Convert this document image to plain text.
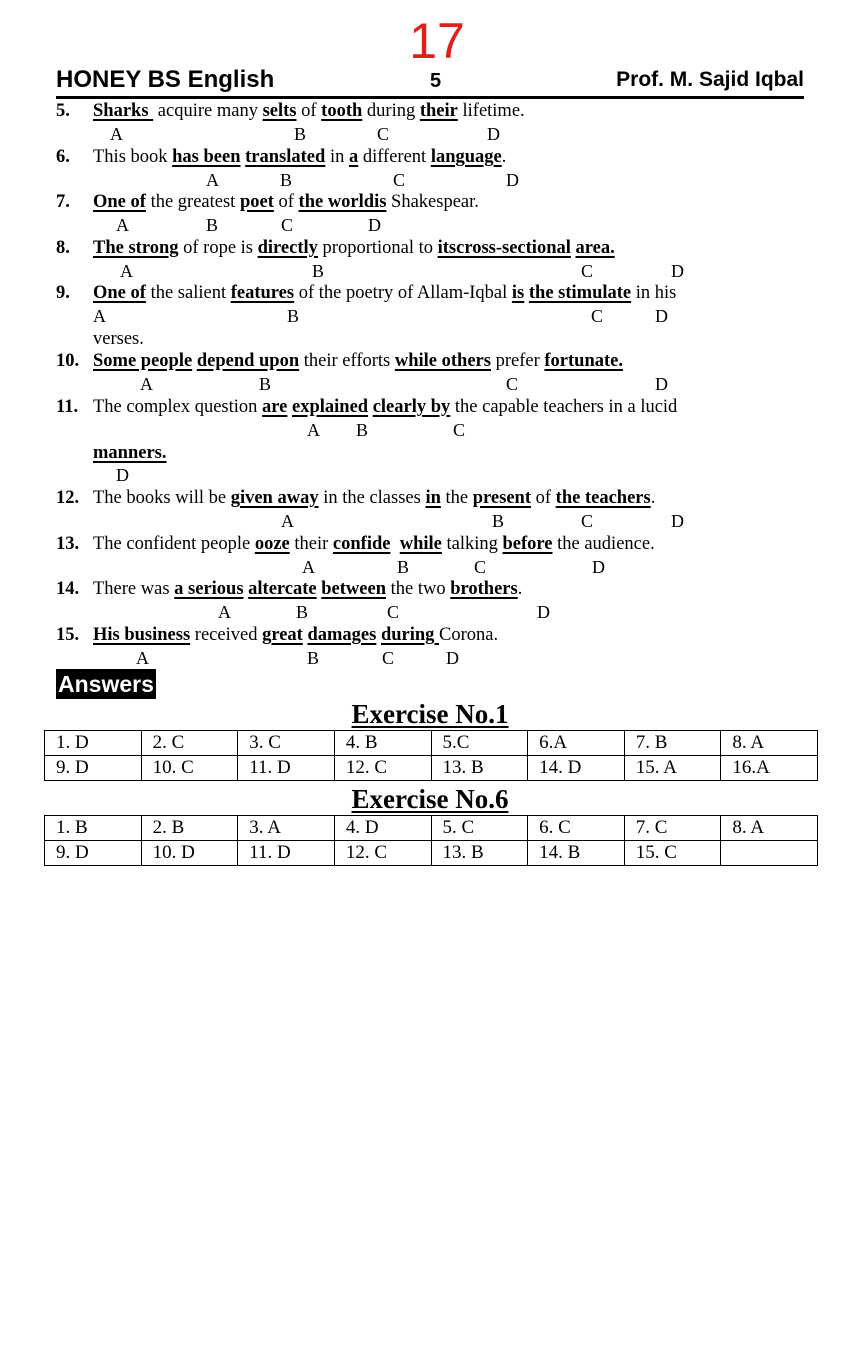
17
HONEY BS English	5	Prof. M. Sajid Iqbal
5. Sharks  acquire many selts of tooth during their lifetime.
A	B	C	D
6. This book has been translated in a different language.
A	B	C	D
7. One of the greatest poet of the worldis Shakespear.
A	B	C	D
8. The strong of rope is directly proportional to itscross-sectional area.
A	B	C	D
9. One of the salient features of the poetry of Allam-Iqbal is the stimulate in his
A	B	C	D
verses.
10. Some people depend upon their efforts while others prefer fortunate.
A	B	C	D
11. The complex question are explained clearly by the capable teachers in a lucid
A B	C
manners.
D
12. The books will be given away in the classes in the present of the teachers.
A	B	C	D
13. The confident people ooze their confide while talking before the audience.
A	B	C	D
14. There was a serious altercate between the two brothers.
A	B	C	D
15. His business received great damages during Corona.
A	B	C	D
Answers
Exercise No.1
1. D	2. C	3. C	4. B	5.C	6.A	7. B	8. A
9. D	10. C	11. D	12. C	13. B	14. D	15. A	16.A
Exercise No.6
1. B	2. B	3. A	4. D	5. C	6. C	7. C	8. A
9. D	10. D	11. D	12. C	13. B	14. B	15. C	
